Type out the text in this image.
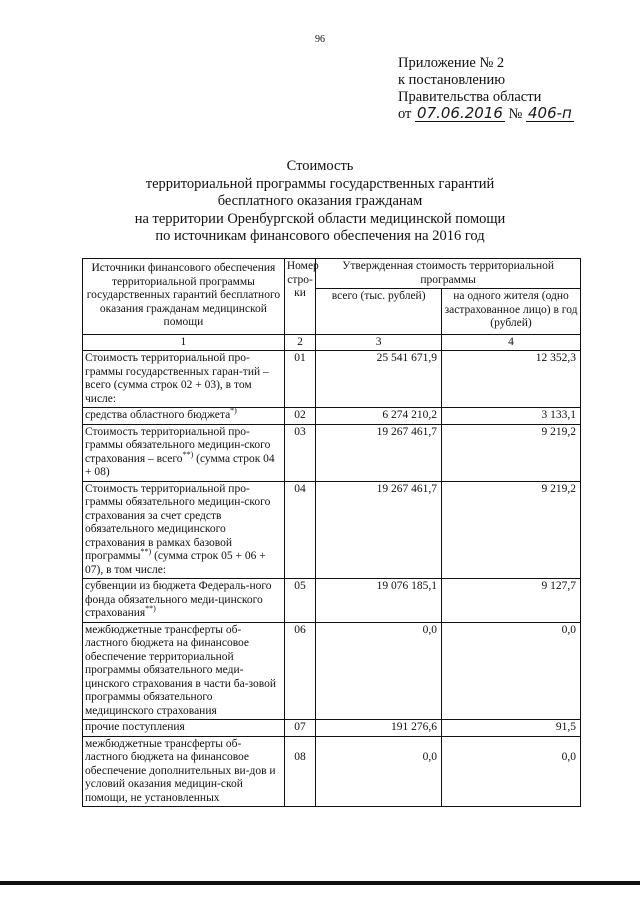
96
Приложение № 2
к постановлению
Правительства области
от 07.06.2016 № 406-п
Стоимость
территориальной программы государственных гарантий
бесплатного оказания гражданам
на территории Оренбургской области медицинской помощи
по источникам финансового обеспечения на 2016 год
Источники финансового обеспечения территориальной программы государственных гарантий бесплатного оказания гражданам медицинской помощи	Номер стро-ки	Утвержденная стоимость территориальной программы	
		всего (тыс. рублей)	на одного жителя (одно застрахованное лицо) в год (рублей)
1	2	3	4
Стоимость территориальной про-граммы государственных гаран-тий – всего (сумма строк 02 + 03), в том числе:	01	25 541 671,9	12 352,3
средства областного бюджета*)	02	6 274 210,2	3 133,1
Стоимость территориальной про-граммы обязательного медицин-ского страхования – всего**) (сумма строк 04 + 08)	03	19 267 461,7	9 219,2
Стоимость территориальной про-граммы обязательного медицин-ского страхования за счет средств обязательного медицинского страхования в рамках базовой программы**) (сумма строк 05 + 06 + 07), в том числе:	04	19 267 461,7	9 219,2
субвенции из бюджета Федераль-ного фонда обязательного меди-цинского страхования**)	05	19 076 185,1	9 127,7
межбюджетные трансферты об-ластного бюджета на финансовое обеспечение территориальной программы обязательного меди-цинского страхования в части ба-зовой программы обязательного медицинского страхования	06	0,0	0,0
прочие поступления	07	191 276,6	91,5
межбюджетные трансферты об-ластного бюджета на финансовое обеспечение дополнительных ви-дов и условий оказания медицин-ской помощи, не установленных	08	0,0	0,0
